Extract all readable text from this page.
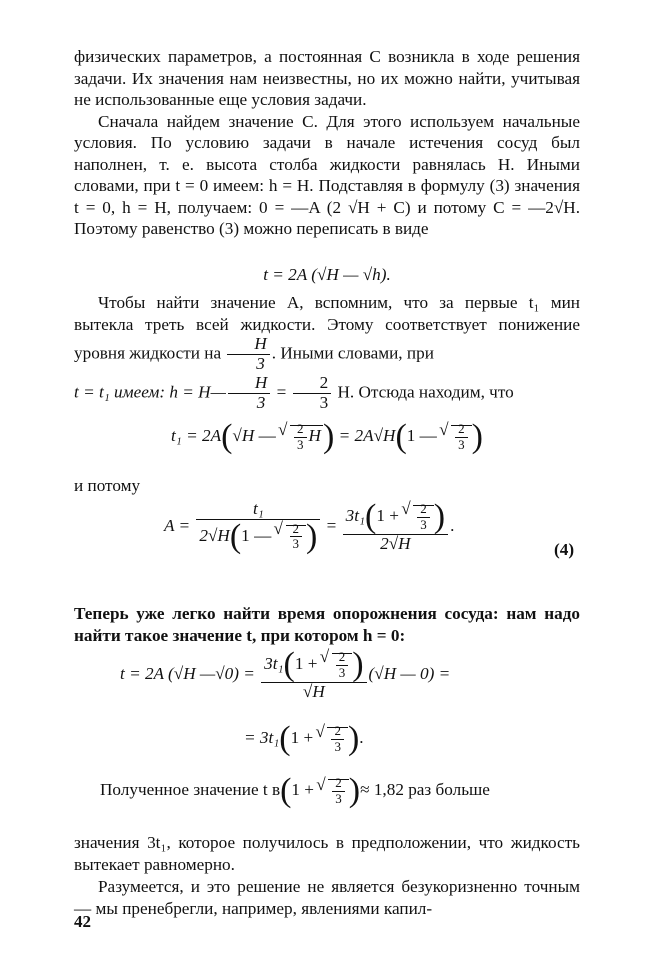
физических параметров, а постоянная C возникла в ходе решения задачи. Их значения нам неизвестны, но их можно найти, учитывая не использованные еще условия задачи.

Сначала найдем значение C. Для этого используем начальные условия. По условию задачи в начале истечения сосуд был наполнен, т. е. высота столба жидкости равнялась H. Иными словами, при t = 0 имеем: h = H. Подставляя в формулу (3) значения t = 0, h = H, получаем: 0 = —A (2 √H + C) и потому C = —2√H. Поэтому равенство (3) можно переписать в виде

t = 2A (√H — √h).
Чтобы найти значение A, вспомним, что за первые t₁ мин вытекла треть всей жидкости. Этому соответствует понижение уровня жидкости на $\frac{H}{3}$ . Иными словами, при
t = t₁ имеем: h = H— $\frac{H}{3} = \frac{2}{3} H$. Отсюда находим, что
t₁ = 2A(√H —
√ $\frac{2}{3} H) = 2A√H(1$ —
√ $\frac{2}{3}$ )
и потому
A = t₁
2√H(1 —
√ $\frac{2}{3}$ ) = 3t₁(1 +
√ $\frac{2}{3}$ )
2√H .
(4)
Теперь уже легко найти время опорожнения сосуда: нам надо найти такое значение t, при котором h = 0:
t = 2A (√H —√0) = 3t₁(1 +
√ $\frac{2}{3}$ )
√H (√H — 0) =
= 3t₁(1 +
√ $\frac{2}{3}$ ).
Полученное значение t в(1 +
√ $\frac{2}{3}$ )≈ 1,82 раз больше
значения 3t₁, которое получилось в предположении, что жидкость вытекает равномерно.
Разумеется, и это решение не является безукоризненно точным — мы пренебрегли, например, явлениями капил-
42
